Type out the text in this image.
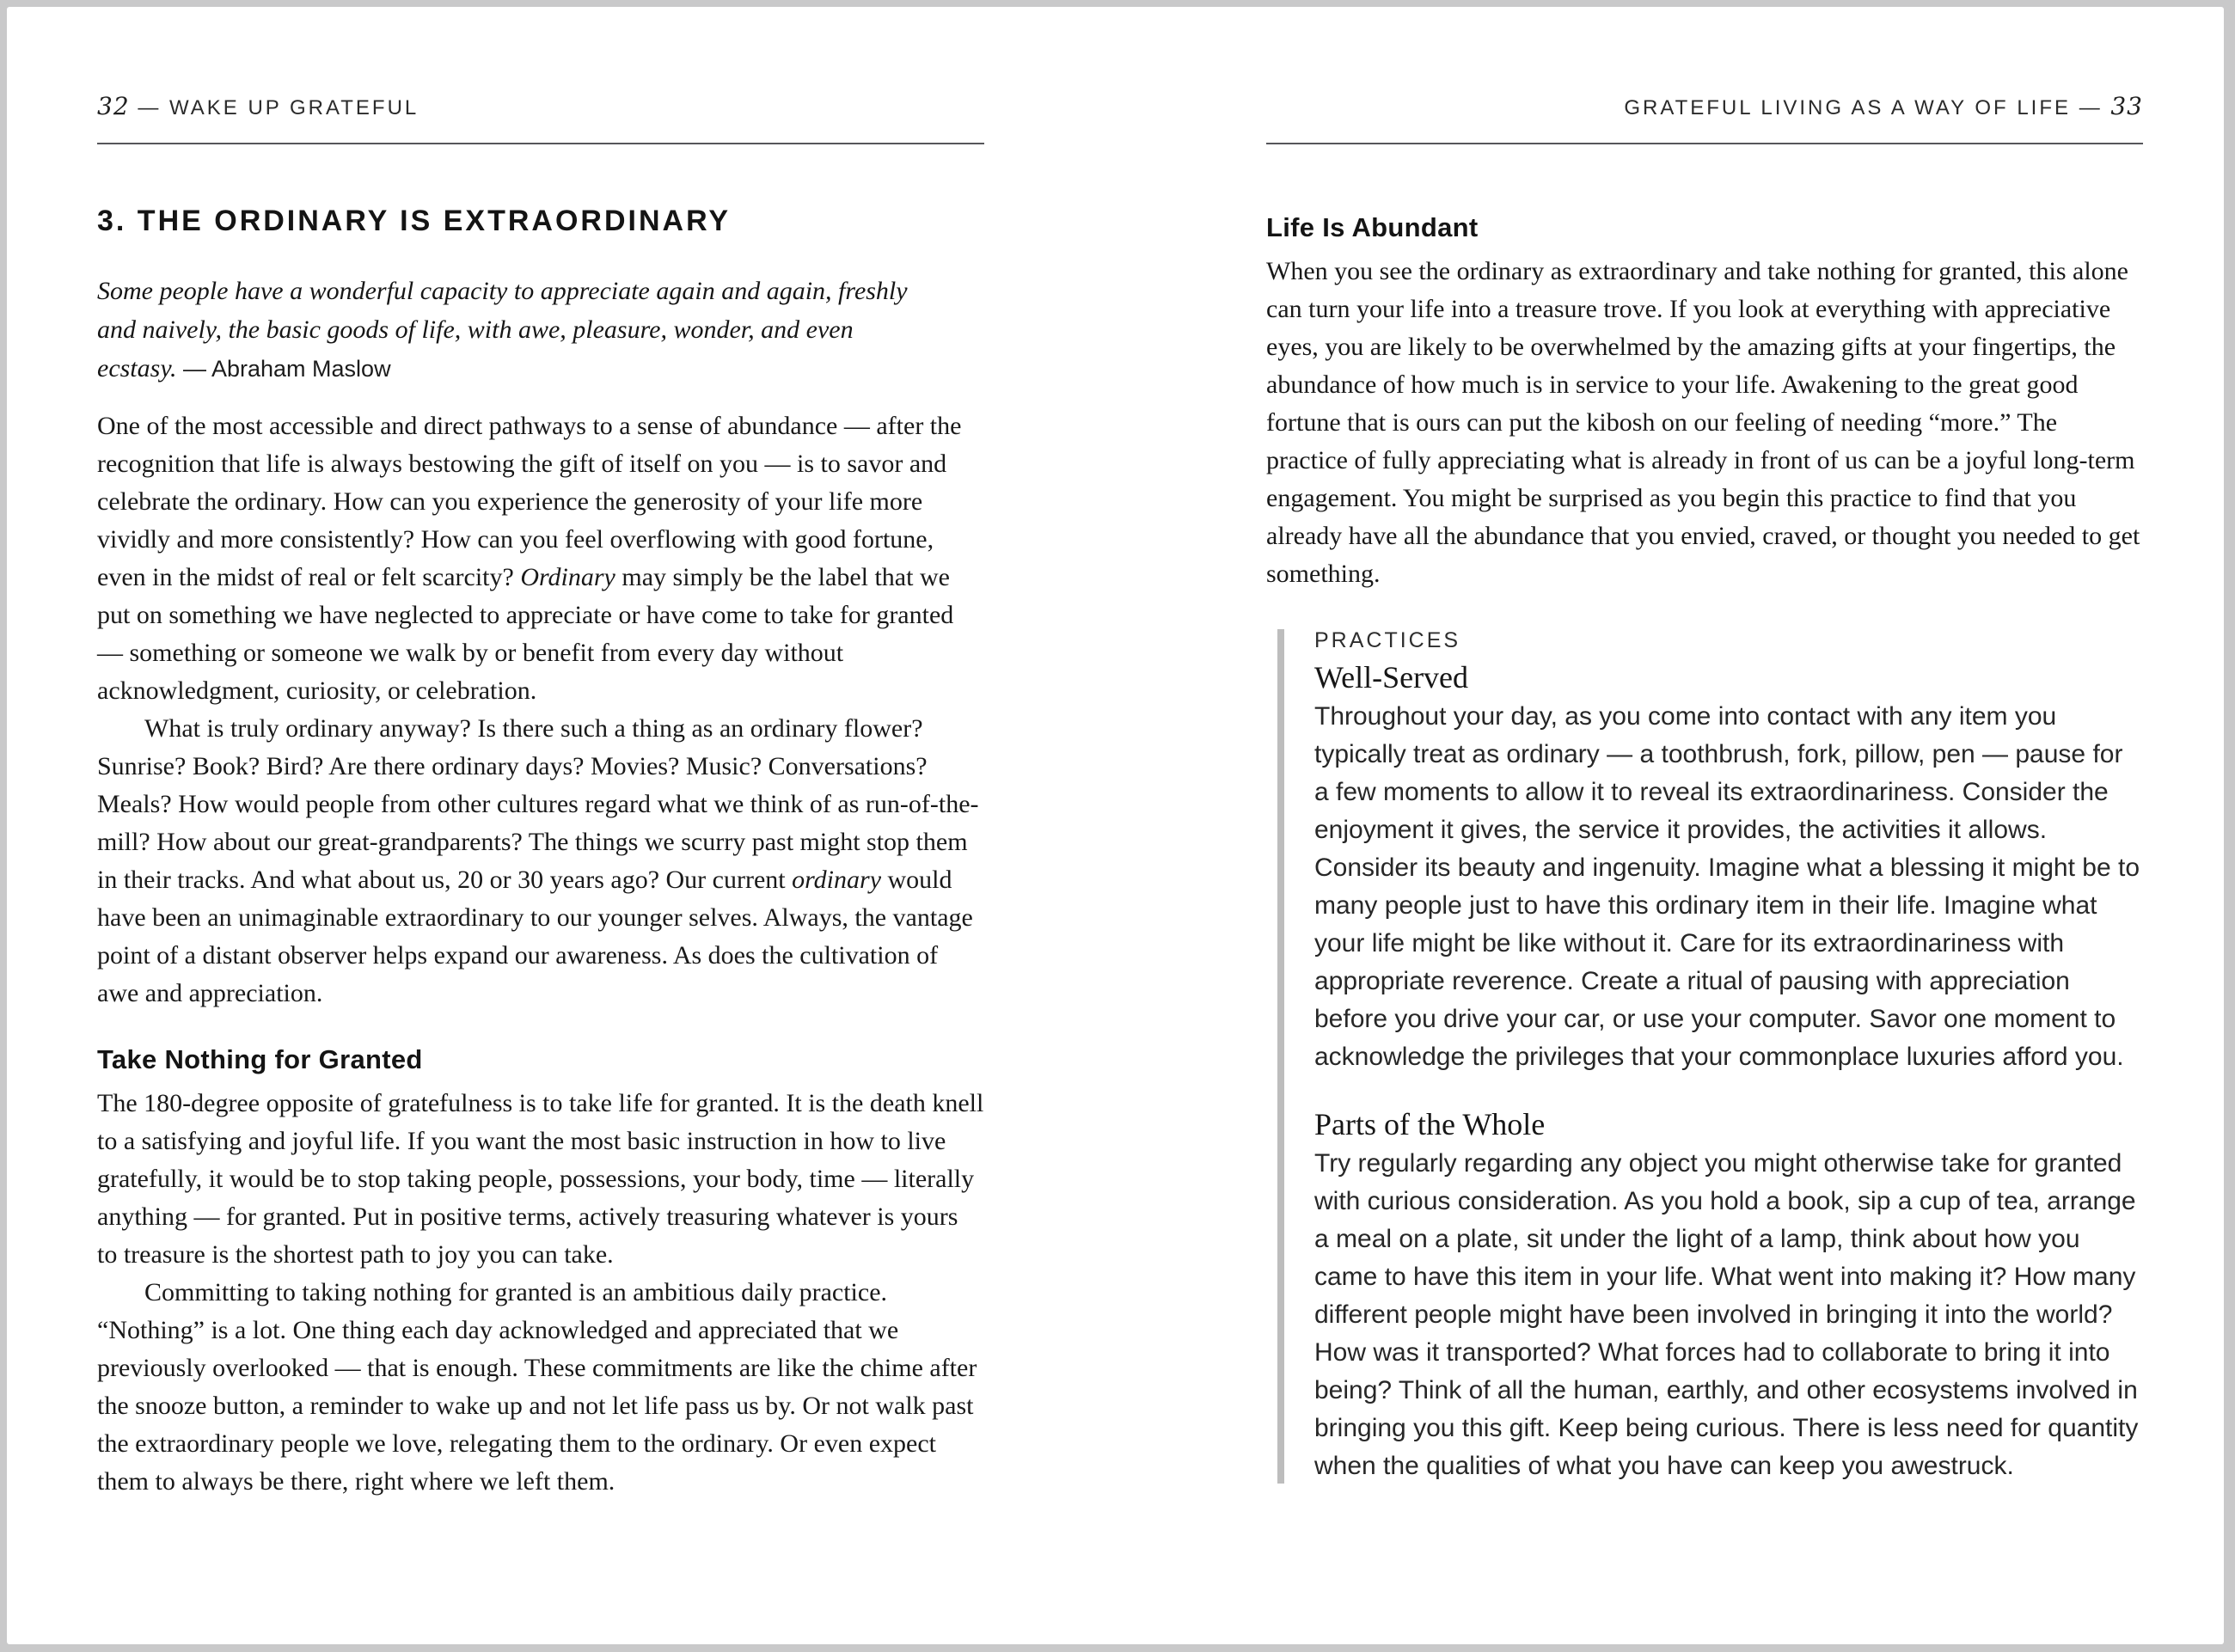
32 — WAKE UP GRATEFUL
3. THE ORDINARY IS EXTRAORDINARY
Some people have a wonderful capacity to appreciate again and again, freshly and naively, the basic goods of life, with awe, pleasure, wonder, and even ecstasy. — Abraham Maslow

One of the most accessible and direct pathways to a sense of abundance — after the recognition that life is always bestowing the gift of itself on you — is to savor and celebrate the ordinary. How can you experience the generosity of your life more vividly and more consistently? How can you feel overflowing with good fortune, even in the midst of real or felt scarcity? Ordinary may simply be the label that we put on something we have neglected to appreciate or have come to take for granted — something or someone we walk by or benefit from every day without acknowledgment, curiosity, or celebration.

What is truly ordinary anyway? Is there such a thing as an ordinary flower? Sunrise? Book? Bird? Are there ordinary days? Movies? Music? Conversations? Meals? How would people from other cultures regard what we think of as run-of-the-mill? How about our great-grandparents? The things we scurry past might stop them in their tracks. And what about us, 20 or 30 years ago? Our current ordinary would have been an unimaginable extraordinary to our younger selves. Always, the vantage point of a distant observer helps expand our awareness. As does the cultivation of awe and appreciation.

Take Nothing for Granted

The 180-degree opposite of gratefulness is to take life for granted. It is the death knell to a satisfying and joyful life. If you want the most basic instruction in how to live gratefully, it would be to stop taking people, possessions, your body, time — literally anything — for granted. Put in positive terms, actively treasuring whatever is yours to treasure is the shortest path to joy you can take.

Committing to taking nothing for granted is an ambitious daily practice. “Nothing” is a lot. One thing each day acknowledged and appreciated that we previously overlooked — that is enough. These commitments are like the chime after the snooze button, a reminder to wake up and not let life pass us by. Or not walk past the extraordinary people we love, relegating them to the ordinary. Or even expect them to always be there, right where we left them.

GRATEFUL LIVING AS A WAY OF LIFE — 33
Life Is Abundant

When you see the ordinary as extraordinary and take nothing for granted, this alone can turn your life into a treasure trove. If you look at everything with appreciative eyes, you are likely to be overwhelmed by the amazing gifts at your fingertips, the abundance of how much is in service to your life. Awakening to the great good fortune that is ours can put the kibosh on our feeling of needing “more.” The practice of fully appreciating what is already in front of us can be a joyful long-term engagement. You might be surprised as you begin this practice to find that you already have all the abundance that you envied, craved, or thought you needed to get something.

PRACTICES
Well-Served
Throughout your day, as you come into contact with any item you typically treat as ordinary — a toothbrush, fork, pillow, pen — pause for a few moments to allow it to reveal its extraordinariness. Consider the enjoyment it gives, the service it provides, the activities it allows. Consider its beauty and ingenuity. Imagine what a blessing it might be to many people just to have this ordinary item in their life. Imagine what your life might be like without it. Care for its extraordinariness with appropriate reverence. Create a ritual of pausing with appreciation before you drive your car, or use your computer. Savor one moment to acknowledge the privileges that your commonplace luxuries afford you.
Parts of the Whole
Try regularly regarding any object you might otherwise take for granted with curious consideration. As you hold a book, sip a cup of tea, arrange a meal on a plate, sit under the light of a lamp, think about how you came to have this item in your life. What went into making it? How many different people might have been involved in bringing it into the world? How was it transported? What forces had to collaborate to bring it into being? Think of all the human, earthly, and other ecosystems involved in bringing you this gift. Keep being curious. There is less need for quantity when the qualities of what you have can keep you awestruck.
